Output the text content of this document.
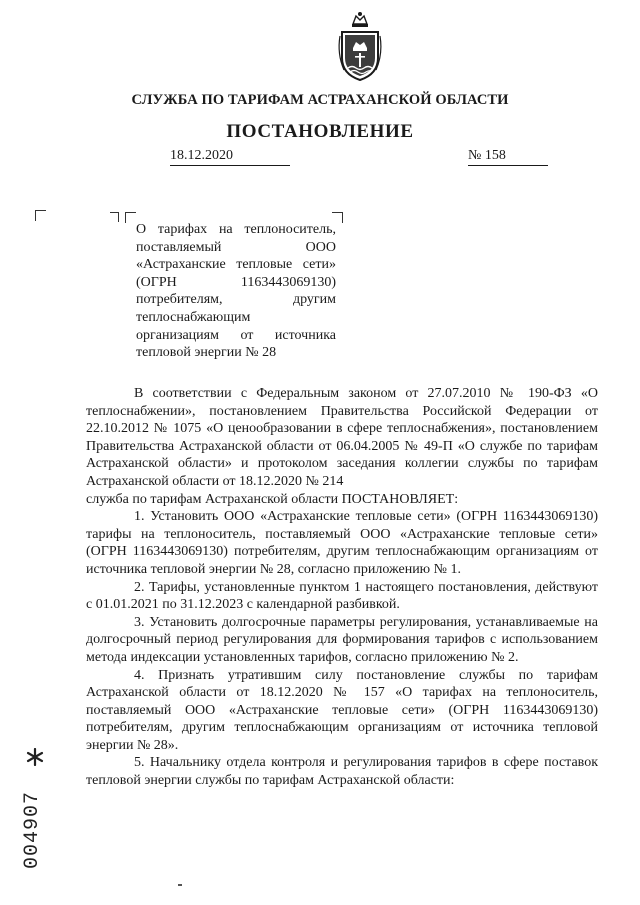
СЛУЖБА ПО ТАРИФАМ АСТРАХАНСКОЙ ОБЛАСТИ
ПОСТАНОВЛЕНИЕ
18.12.2020	№ 158
О тарифах на теплоноситель, поставляемый ООО «Астраханские тепловые сети» (ОГРН 1163443069130) потребителям, другим теплоснабжающим организациям от источника тепловой энергии № 28

В соответствии с Федеральным законом от 27.07.2010 № 190-ФЗ «О теплоснабжении», постановлением Правительства Российской Федерации от 22.10.2012 № 1075 «О ценообразовании в сфере теплоснабжения», постановлением Правительства Астраханской области от 06.04.2005 № 49-П «О службе по тарифам Астраханской области» и протоколом заседания коллегии службы по тарифам Астраханской области от 18.12.2020 № 214

служба по тарифам Астраханской области ПОСТАНОВЛЯЕТ:

1. Установить ООО «Астраханские тепловые сети» (ОГРН 1163443069130) тарифы на теплоноситель, поставляемый ООО «Астраханские тепловые сети» (ОГРН 1163443069130) потребителям, другим теплоснабжающим организациям от источника тепловой энергии № 28, согласно приложению № 1.

2. Тарифы, установленные пунктом 1 настоящего постановления, действуют с 01.01.2021 по 31.12.2023 с календарной разбивкой.

3. Установить долгосрочные параметры регулирования, устанавливаемые на долгосрочный период регулирования для формирования тарифов с использованием метода индексации установленных тарифов, согласно приложению № 2.

4. Признать утратившим силу постановление службы по тарифам Астраханской области от 18.12.2020 № 157 «О тарифах на теплоноситель, поставляемый ООО «Астраханские тепловые сети» (ОГРН 1163443069130) потребителям, другим теплоснабжающим организациям от источника тепловой энергии № 28».

5. Начальнику отдела контроля и регулирования тарифов в сфере поставок тепловой энергии службы по тарифам Астраханской области:

004907
